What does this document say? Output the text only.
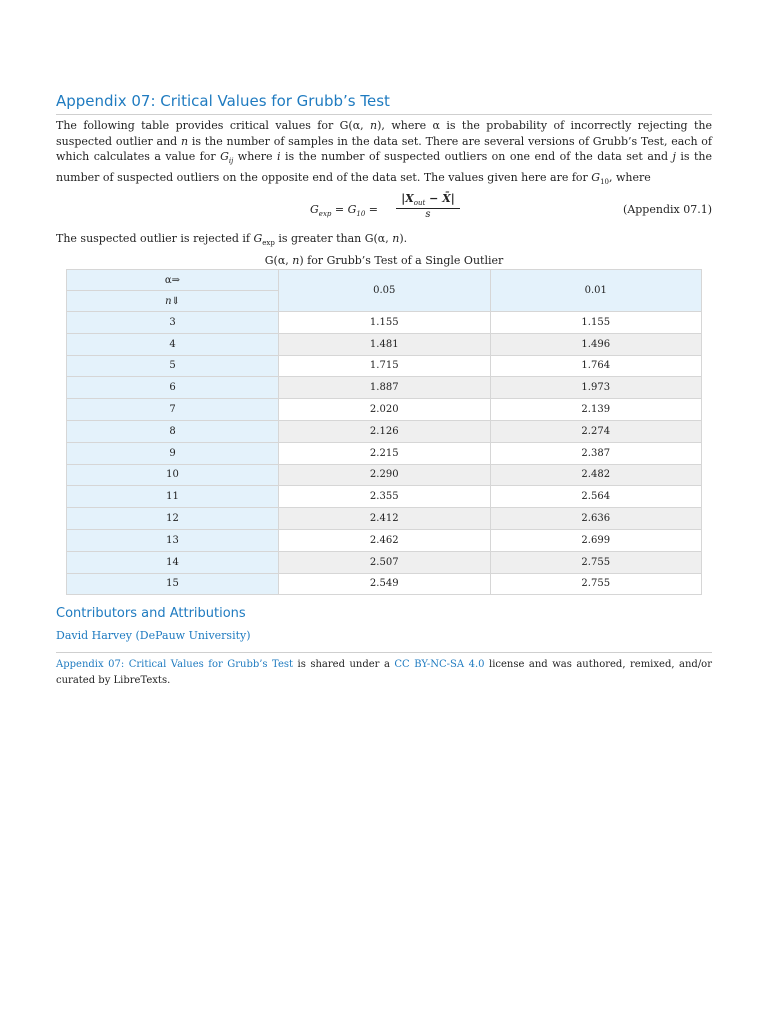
Appendix 07: Critical Values for Grubb’s Test

The following table provides critical values for G(α, n), where α is the probability of incorrectly rejecting the suspected outlier and n is the number of samples in the data set. There are several versions of Grubb’s Test, each of which calculates a value for $G_{ij}$ where i is the number of suspected outliers on one end of the data set and j is the number of suspected outliers on the opposite end of the data set. The values given here are for $G_{10}$, where

$G_{exp} = G_{10}$ =
$|X_{out}$ − X̄|
s	(Appendix 07.1)

The suspected outlier is rejected if $G_{exp}$ is greater than G(α, n).

G(α, n) for Grubb’s Test of a Single Outlier

α⇒	0.05	0.01
n⇓		
3	1.155	1.155
4	1.481	1.496
5	1.715	1.764
6	1.887	1.973
7	2.020	2.139
8	2.126	2.274
9	2.215	2.387
10	2.290	2.482
11	2.355	2.564
12	2.412	2.636
13	2.462	2.699
14	2.507	2.755
15	2.549	2.755
Contributors and Attributions
David Harvey (DePauw University)

Appendix 07: Critical Values for Grubb’s Test is shared under a CC BY-NC-SA 4.0 license and was authored, remixed, and/or curated by LibreTexts.
